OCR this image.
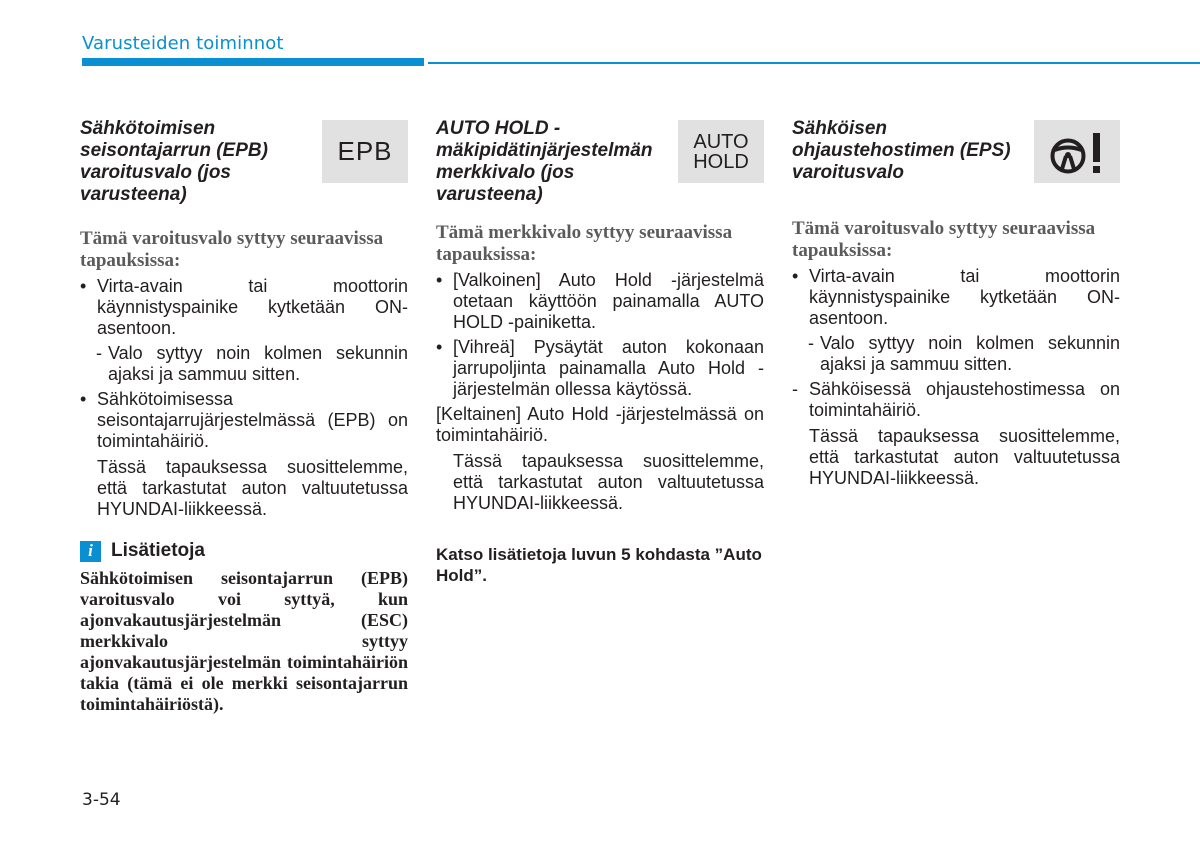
Varusteiden toiminnot
Sähkötoimisen seisontajarrun (EPB) varoitusvalo (jos varusteena)
EPB
Tämä varoitusvalo syttyy seuraavissa tapauksissa:
• Virta-avain tai moottorin käynnistyspainike kytketään ON-asentoon.
- Valo syttyy noin kolmen sekunnin ajaksi ja sammuu sitten.
• Sähkötoimisessa seisontajarrujärjestelmässä (EPB) on toimintahäiriö.
Tässä tapauksessa suosittelemme, että tarkastutat auton valtuutetussa HYUNDAI-liikkeessä.
i Lisätietoja
Sähkötoimisen seisontajarrun (EPB) varoitusvalo voi syttyä, kun ajonvakautusjärjestelmän (ESC) merkkivalo syttyy ajonvakautusjärjestelmän toimintahäiriön takia (tämä ei ole merkki seisontajarrun toimintahäiriöstä).
AUTO HOLD -mäkipidätinjärjestelmän merkkivalo (jos varusteena)
AUTO
HOLD
Tämä merkkivalo syttyy seuraavissa tapauksissa:
• [Valkoinen] Auto Hold -järjestelmä otetaan käyttöön painamalla AUTO HOLD -painiketta.
• [Vihreä] Pysäytät auton kokonaan jarrupoljinta painamalla Auto Hold -järjestelmän ollessa käytössä.
[Keltainen] Auto Hold -järjestelmässä on toimintahäiriö.
Tässä tapauksessa suosittelemme, että tarkastutat auton valtuutetussa HYUNDAI-liikkeessä.
Katso lisätietoja luvun 5 kohdasta ”Auto Hold”.
Sähköisen ohjaustehostimen (EPS) varoitusvalo
Tämä varoitusvalo syttyy seuraavissa tapauksissa:
• Virta-avain tai moottorin käynnistyspainike kytketään ON-asentoon.
- Valo syttyy noin kolmen sekunnin ajaksi ja sammuu sitten.
- Sähköisessä ohjaustehostimessa on toimintahäiriö.
Tässä tapauksessa suosittelemme, että tarkastutat auton valtuutetussa HYUNDAI-liikkeessä.
3-54
